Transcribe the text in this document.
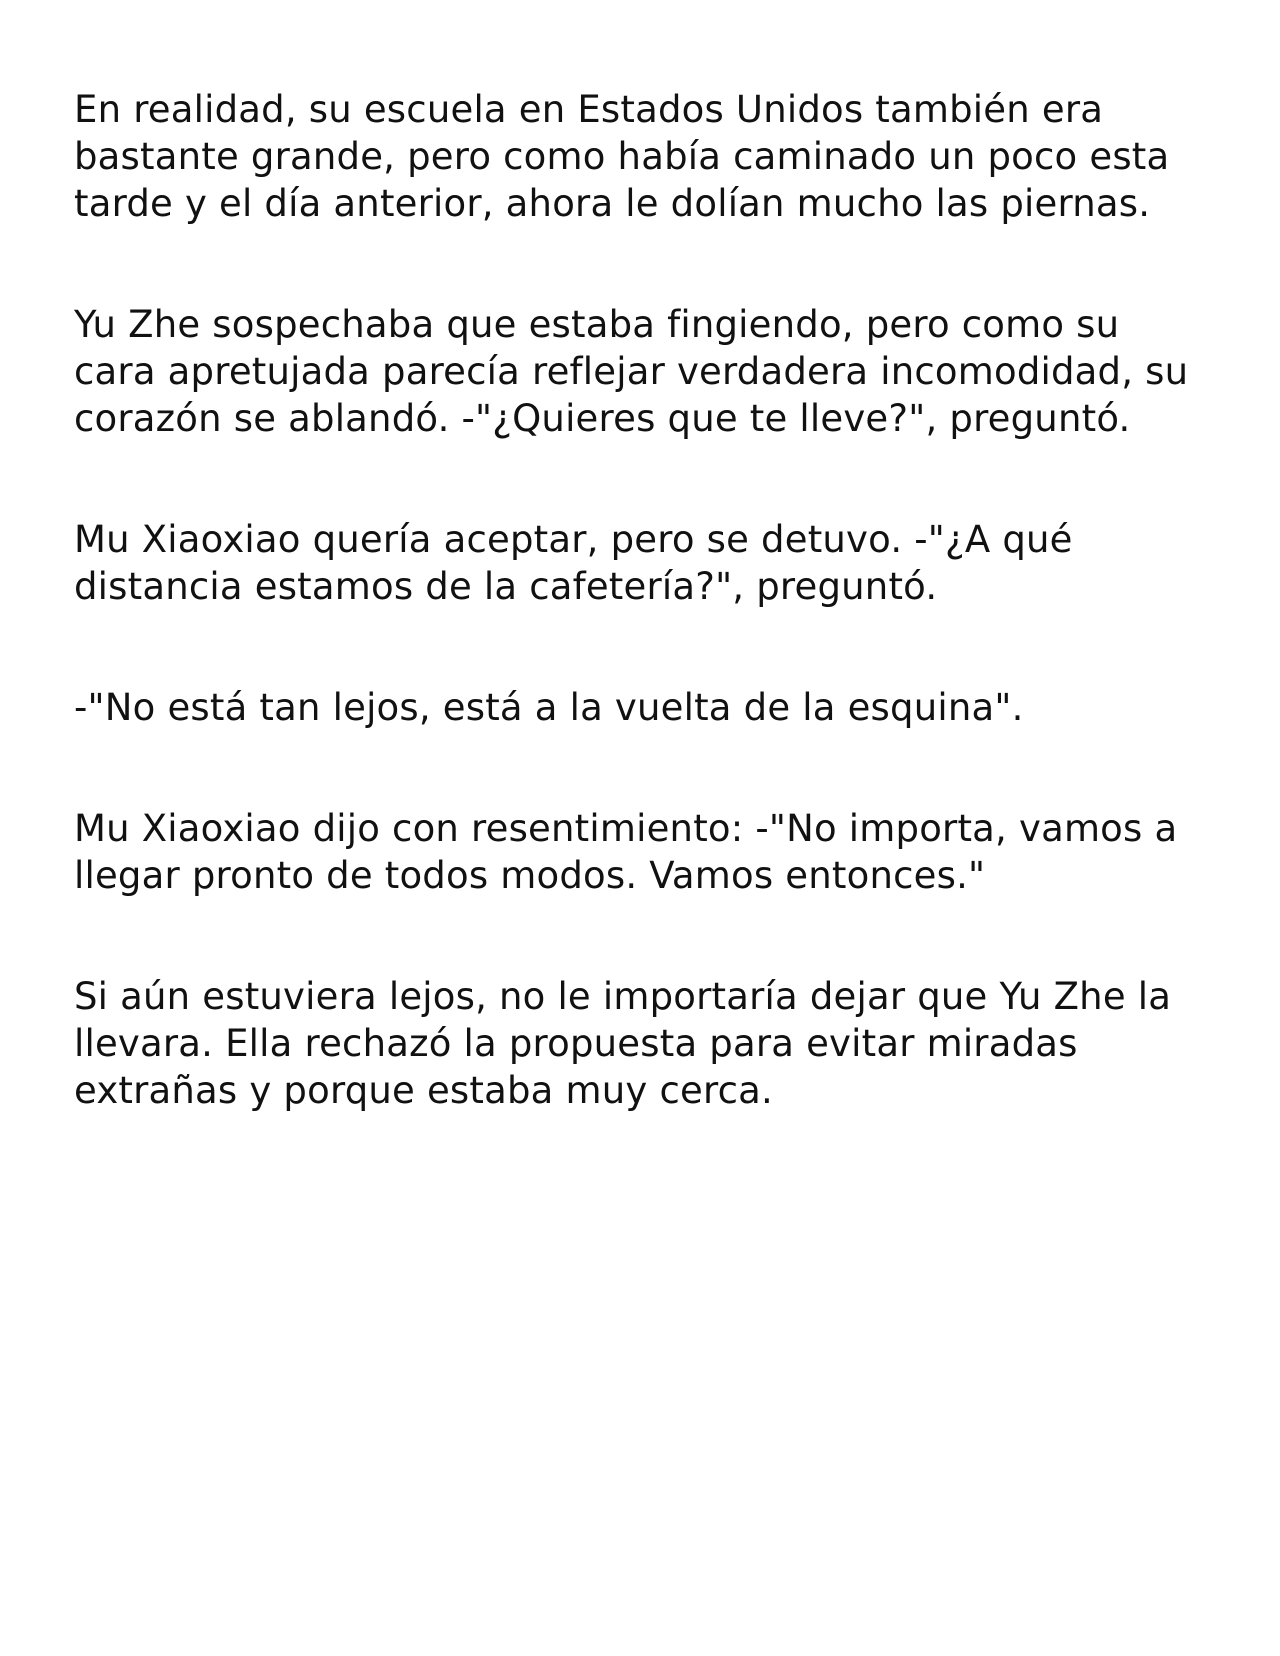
En realidad, su escuela en Estados Unidos también era
bastante grande, pero como había caminado un poco esta
tarde y el día anterior, ahora le dolían mucho las piernas.

Yu Zhe sospechaba que estaba fingiendo, pero como su
cara apretujada parecía reflejar verdadera incomodidad, su
corazón se ablandó. -"¿Quieres que te lleve?", preguntó.

Mu Xiaoxiao quería aceptar, pero se detuvo. -"¿A qué
distancia estamos de la cafetería?", preguntó.

-"No está tan lejos, está a la vuelta de la esquina".

Mu Xiaoxiao dijo con resentimiento: -"No importa, vamos a
llegar pronto de todos modos. Vamos entonces."

Si aún estuviera lejos, no le importaría dejar que Yu Zhe la
llevara. Ella rechazó la propuesta para evitar miradas
extrañas y porque estaba muy cerca.
